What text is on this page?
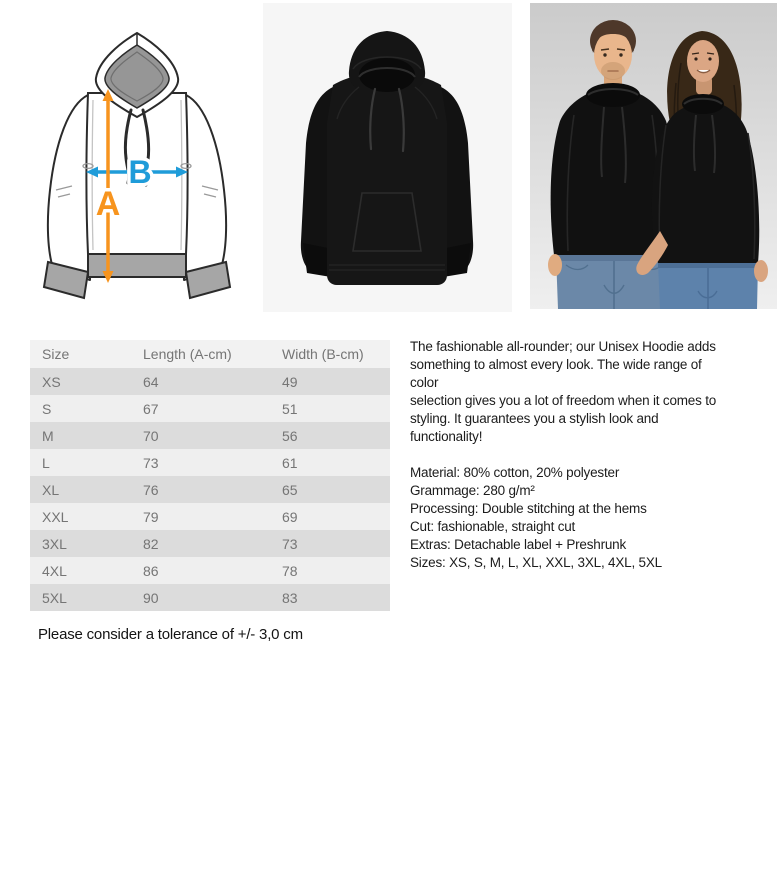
A
B
Size	Length (A-cm)	Width (B-cm)
XS	64	49
S	67	51
M	70	56
L	73	61
XL	76	65
XXL	79	69
3XL	82	73
4XL	86	78
5XL	90	83
The fashionable all-rounder; our Unisex Hoodie adds
something to almost every look. The wide range of color
selection gives you a lot of freedom when it comes to
styling. It guarantees you a stylish look and functionality!
Material: 80% cotton, 20% polyester
Grammage: 280 g/m²
Processing: Double stitching at the hems
Cut: fashionable, straight cut
Extras: Detachable label + Preshrunk
Sizes: XS, S, M, L, XL, XXL, 3XL, 4XL, 5XL

Please consider a tolerance of +/- 3,0 cm
